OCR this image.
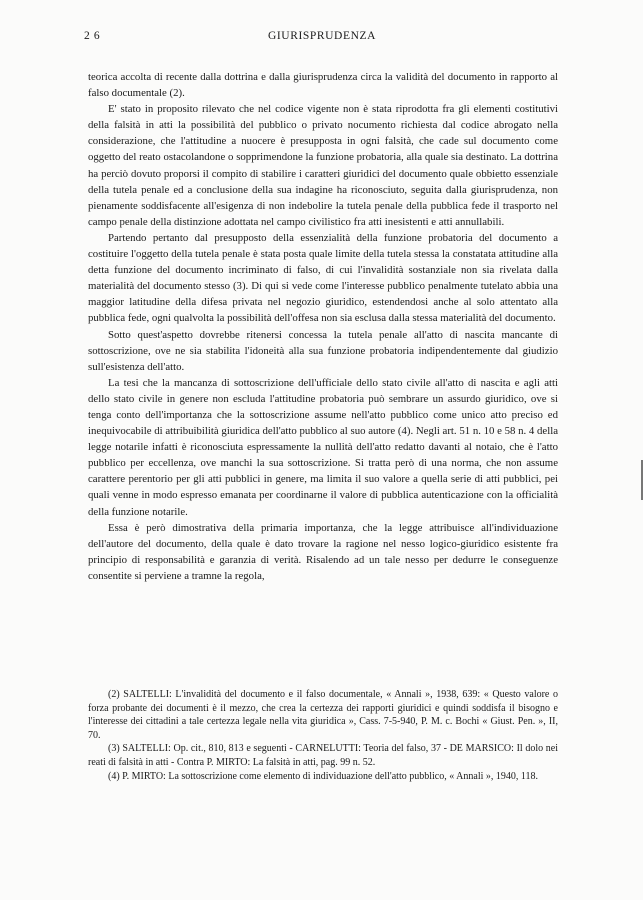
2 6	GIURISPRUDENZA

teorica accolta di recente dalla dottrina e dalla giurisprudenza circa la validità del documento in rapporto al falso documentale (2).

E' stato in proposito rilevato che nel codice vigente non è stata riprodotta fra gli elementi costitutivi della falsità in atti la possibilità del pubblico o privato nocumento richiesta dal codice abrogato nella considerazione, che l'attitudine a nuocere è presupposta in ogni falsità, che cade sul documento come oggetto del reato ostacolandone o sopprimendone la funzione probatoria, alla quale sia destinato. La dottrina ha perciò dovuto proporsi il compito di stabilire i caratteri giuridici del documento quale obbietto essenziale della tutela penale ed a conclusione della sua indagine ha riconosciuto, seguita dalla giurisprudenza, non pienamente soddisfacente all'esigenza di non indebolire la tutela penale della pubblica fede il trasporto nel campo penale della distinzione adottata nel campo civilistico fra atti inesistenti e atti annullabili.

Partendo pertanto dal presupposto della essenzialità della funzione probatoria del documento a costituire l'oggetto della tutela penale è stata posta quale limite della tutela stessa la constatata attitudine alla detta funzione del documento incriminato di falso, di cui l'invalidità sostanziale non sia rivelata dalla materialità del documento stesso (3). Di qui si vede come l'interesse pubblico penalmente tutelato abbia una maggior latitudine della difesa privata nel negozio giuridico, estendendosi anche al solo attentato alla pubblica fede, ogni qualvolta la possibilità dell'offesa non sia esclusa dalla stessa materialità del documento.

Sotto quest'aspetto dovrebbe ritenersi concessa la tutela penale all'atto di nascita mancante di sottoscrizione, ove ne sia stabilita l'idoneità alla sua funzione probatoria indipendentemente dal giudizio sull'esistenza dell'atto.

La tesi che la mancanza di sottoscrizione dell'ufficiale dello stato civile all'atto di nascita e agli atti dello stato civile in genere non escluda l'attitudine probatoria può sembrare un assurdo giuridico, ove si tenga conto dell'importanza che la sottoscrizione assume nell'atto pubblico come unico atto preciso ed inequivocabile di attribuibilità giuridica dell'atto pubblico al suo autore (4). Negli art. 51 n. 10 e 58 n. 4 della legge notarile infatti è riconosciuta espressamente la nullità dell'atto redatto davanti al notaio, che è l'atto pubblico per eccellenza, ove manchi la sua sottoscrizione. Si tratta però di una norma, che non assume carattere perentorio per gli atti pubblici in genere, ma limita il suo valore a quella serie di atti pubblici, pei quali venne in modo espresso emanata per coordinarne il valore di pubblica autenticazione con la officialità della funzione notarile.

Essa è però dimostrativa della primaria importanza, che la legge attribuisce all'individuazione dell'autore del documento, della quale è dato trovare la ragione nel nesso logico-giuridico esistente fra principio di responsabilità e garanzia di verità. Risalendo ad un tale nesso per dedurre le conseguenze consentite si perviene a tramne la regola,

(2) SALTELLI: L'invalidità del documento e il falso documentale, « Annali », 1938, 639: « Questo valore o forza probante dei documenti è il mezzo, che crea la certezza dei rapporti giuridici e quindi soddisfa il bisogno e l'interesse dei cittadini a tale certezza legale nella vita giuridica », Cass. 7-5-940, P. M. c. Bochi « Giust. Pen. », II, 70.

(3) SALTELLI: Op. cit., 810, 813 e seguenti - CARNELUTTI: Teoria del falso, 37 - DE MARSICO: Il dolo nei reati di falsità in atti - Contra P. MIRTO: La falsità in atti, pag. 99 n. 52.

(4) P. MIRTO: La sottoscrizione come elemento di individuazione dell'atto pubblico, « Annali », 1940, 118.
